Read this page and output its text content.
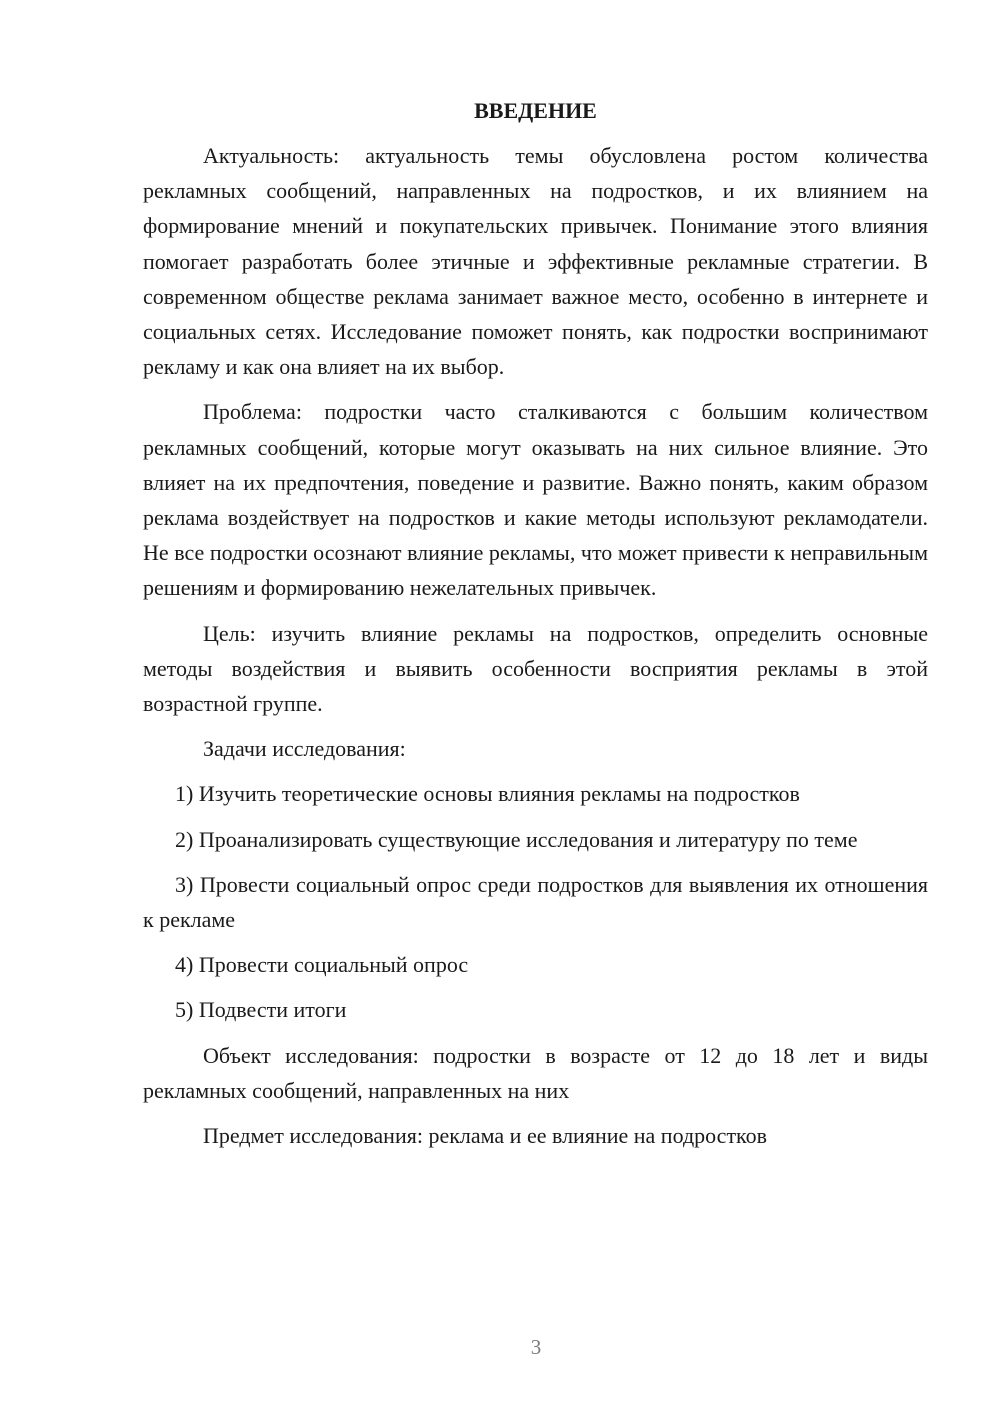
ВВЕДЕНИЕ

Актуальность: актуальность темы обусловлена ростом количества рекламных сообщений, направленных на подростков, и их влиянием на формирование мнений и покупательских привычек. Понимание этого влияния помогает разработать более этичные и эффективные рекламные стратегии. В современном обществе реклама занимает важное место, особенно в интернете и социальных сетях. Исследование поможет понять, как подростки воспринимают рекламу и как она влияет на их выбор.

Проблема: подростки часто сталкиваются с большим количеством рекламных сообщений, которые могут оказывать на них сильное влияние. Это влияет на их предпочтения, поведение и развитие. Важно понять, каким образом реклама воздействует на подростков и какие методы используют рекламодатели. Не все подростки осознают влияние рекламы, что может привести к неправильным решениям и формированию нежелательных привычек.

Цель: изучить влияние рекламы на подростков, определить основные методы воздействия и выявить особенности восприятия рекламы в этой возрастной группе.

Задачи исследования:

1) Изучить теоретические основы влияния рекламы на подростков

2) Проанализировать существующие исследования и литературу по теме

3) Провести социальный опрос среди подростков для выявления их отношения к рекламе

4) Провести социальный опрос

5) Подвести итоги

Объект исследования: подростки в возрасте от 12 до 18 лет и виды рекламных сообщений, направленных на них

Предмет исследования: реклама и ее влияние на подростков

3
